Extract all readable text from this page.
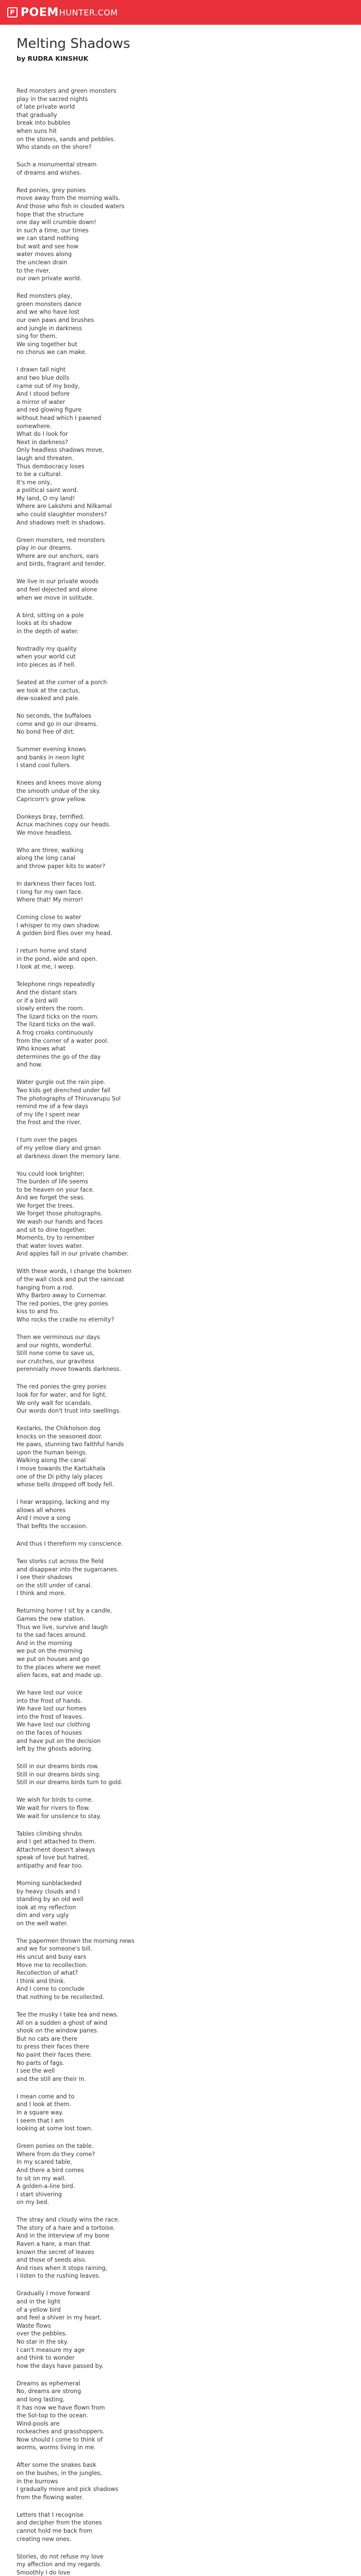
P POEM HUNTER.COM
Melting Shadows
by RUDRA KINSHUK
Red monsters and green monsters
play in the sacred nights
of late private world
that gradually
break into bubbles
when suns hit
on the stones, sands and pebbles.
Who stands on the shore?
Such a monumental stream
of dreams and wishes.
Red ponies, grey ponies
move away from the morning walls.
And those who fish in clouded waters
hope that the structure
one day will crumble down!
In such a time, our times
we can stand nothing
but wait and see how
water moves along
the unclean drain
to the river,
our own private world.
Red monsters play,
green monsters dance
and we who have lost
our own paws and brushes
and jungle in darkness
sing for them.
We sing together but
no chorus we can make.
I drawn tall night
and two blue dolls
came out of my body,
And I stood before
a mirror of water
and red glowing figure
without head which I pawned
somewhere.
What do I look for
Next in darkness?
Only headless shadows move,
laugh and threaten.
Thus dembocracy loses
to be a cultural.
It's me only,
a political saint word.
My land, O my land!
Where are Lakshmi and Nilkamal
who could slaughter monsters?
And shadows melt in shadows.
Green monsters, red monsters
play in our dreams.
Where are our anchors, oars
and birds, fragrant and tender.
We live in our private woods
and feel dejected and alone
when we move in solitude.
A bird, sitting on a pole
looks at its shadow
in the depth of water.
Nostradly my quality
when your world cut
into pieces as if hell.
Seated at the corner of a porch
we look at the cactus,
dew-soaked and pale.
No seconds, the buffaloes
come and go in our dreams.
No bond free of dirt.
Summer evening knows
and banks in neon light
I stand cool fullers.
Knees and knees move along
the smooth undue of the sky.
Capricorn's grow yellow.
Donkeys bray, terrified.
Acrux machines copy our heads.
We move headless.
Who are three, walking
along the long canal
and throw paper kits to water?
In darkness their faces lost.
I long for my own face.
Where that! My mirror!
Coming close to water
I whisper to my own shadow.
A golden bird flies over my head.
I return home and stand
in the pond, wide and open.
I look at me, I weep.
Telephone rings repeatedly
And the distant stars
or if a bird will
slowly enters the room.
The lizard ticks on the room.
The lizard ticks on the wall.
A frog croaks continuously
from the corner of a water pool.
Who knows what
determines the go of the day
and how.
Water gurgle out the rain pipe.
Two kids get drenched under fall
The photographs of Thiruvarupu Sol
remind me of a few days
of my life I spent near
the frost and the river.
I turn over the pages
of my yellow diary and groan
at darkness down the memory lane.
You could look brighter;
The burden of life seems
to be heaven on your face.
And we forget the seas.
We forget the trees.
We forget those photographs.
We wash our hands and faces
and sit to dine together.
Moments, try to remember
that water loves water.
And apples fall in our private chamber.
With these words, I change the bokmen
of the wall clock and put the raincoat
hanging from a rod.
Why Barbro away to Cornemar.
The red ponies, the grey ponies
kiss to and fro.
Who rocks the cradle no eternity?
Then we verminous our days
and our nights, wonderful.
Still none come to save us,
our crutches, our gravitess
perennially move towards darkness.
The red ponies the grey ponies
look for for water, and for light.
We only wait for scandals.
Our words don't trust into swellings.
Kestarks, the Chikholson dog
knocks on the seasoned door.
He paws, stunning two faithful hands
upon the human beings.
Walking along the canal
I move towards the Kartukhala
one of the Di pithy laly places
whose bells dropped off body fell.
I hear wrapping, lacking and my
allows all whores
And I move a song
That befits the occasion.
And thus I thereform my conscience.
Two storks cut across the field
and disappear into the sugarcanes.
I see their shadows
on the still under of canal.
I think and more.
Returning home I sit by a candle.
Games the new station.
Thus we live, survive and laugh
to the sad faces around.
And in the morning
we put on the morning
we put on houses and go
to the places where we meet
alien faces, eat and made up.
We have lost our voice
into the frost of hands.
We have lost our homes
into the frost of leaves.
We have lost our clothing
on the faces of houses
and have put on the decision
left by the ghosts adoring.
Still in our dreams birds row.
Still in our dreams birds sing.
Still in our dreams birds turn to gold.
We wish for birds to come.
We wait for rivers to flow.
We wait for unsilence to stay.
Tables climbing shrubs
and I get attached to them.
Attachment doesn't always
speak of love but hatred,
antipathy and fear too.
Morning sunblackeded
by heavy clouds and I
standing by an old well
look at my reflection
dim and very ugly
on the well water.
The papermen thrown the morning news
and we for someone's bill.
His uncut and busy ears
Move me to recollection.
Recollection of what?
I think and think.
And I come to conclude
that nothing to be recollected.
Tee the musky I take tea and news.
All on a sudden a ghost of wind
shook on the window panes.
But no cats are there
to press their faces there
No paint their faces there.
No parts of fags.
I see the well
and the still are their in.
I mean come and to
and I look at them.
In a square way.
I seem that I am
looking at some lost town.
Green ponies on the table.
Where from do they come?
In my scared table,
And there a bird comes
to sit on my wall.
A golden-a-line bird.
I start shivering
on my bed.
The stray and cloudy wins the race.
The story of a hare and a tortoise.
And in the interview of my bone
Raven a hare, a man that
known the secret of leaves
and those of seeds also.
And rises when it stops raining,
I listen to the rushing leaves.
Gradually I move forward
and in the light
of a yellow bird
and feel a shiver in my heart.
Waste flows
over the pebbles.
No star in the sky.
I can't measure my age
and think to wonder
how the days have passed by.
Dreams as ephemeral
No, dreams are strong
and long lasting,
it has now we have flown from
the Sol-top to the ocean.
Wind-pools are
rockeaches and grasshoppers.
Now should I come to think of
worms, worms living in me.
After some the snakes bask
on the bushes, in the jungles,
in the burrows
I gradually move and pick shadows
from the flowing water.
Letters that I recognise
and decipher from the stones
cannot hold me back from
creating new ones.
Stories, do not refuse my love
my affection and my regards.
Smoothly I do love
